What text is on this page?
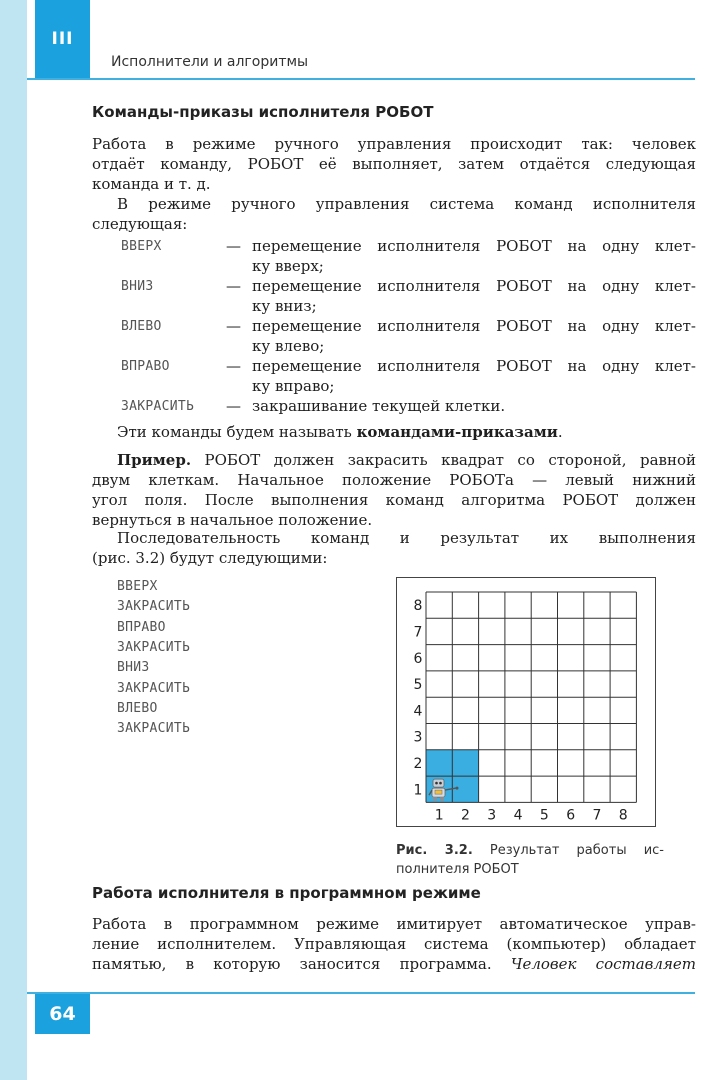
III
Исполнители и алгоритмы
Команды-приказы исполнителя РОБОТ
Работа в режиме ручного управления происходит так: человек
отдаёт команду, РОБОТ её выполняет, затем отдаётся следующая
команда и т. д.
В режиме ручного управления система команд исполнителя
следующая:
ВВЕРХ	— перемещение исполнителя РОБОТ на одну клет-
ку вверх;
ВНИЗ	— перемещение исполнителя РОБОТ на одну клет-
ку вниз;
ВЛЕВО	— перемещение исполнителя РОБОТ на одну клет-
ку влево;
ВПРАВО	— перемещение исполнителя РОБОТ на одну клет-
ку вправо;
ЗАКРАСИТЬ — закрашивание текущей клетки.
Эти команды будем называть командами-приказами.
Пример. РОБОТ должен закрасить квадрат со стороной, равной
двум клеткам. Начальное положение РОБОТа — левый нижний
угол поля. После выполнения команд алгоритма РОБОТ должен
вернуться в начальное положение.
Последовательность команд и результат их выполнения
(рис. 3.2) будут следующими:
ВВЕРХ
ЗАКРАСИТЬ
ВПРАВО
ЗАКРАСИТЬ
ВНИЗ
ЗАКРАСИТЬ
ВЛЕВО
ЗАКРАСИТЬ
8
7
6
5
4
3
2
1
1 2 3 4 5 6 7 8
Рис. 3.2. Результат работы ис-
полнителя РОБОТ
Работа исполнителя в программном режиме
Работа в программном режиме имитирует автоматическое управ-
ление исполнителем. Управляющая система (компьютер) обладает
памятью, в которую заносится программа. Человек составляет
64
